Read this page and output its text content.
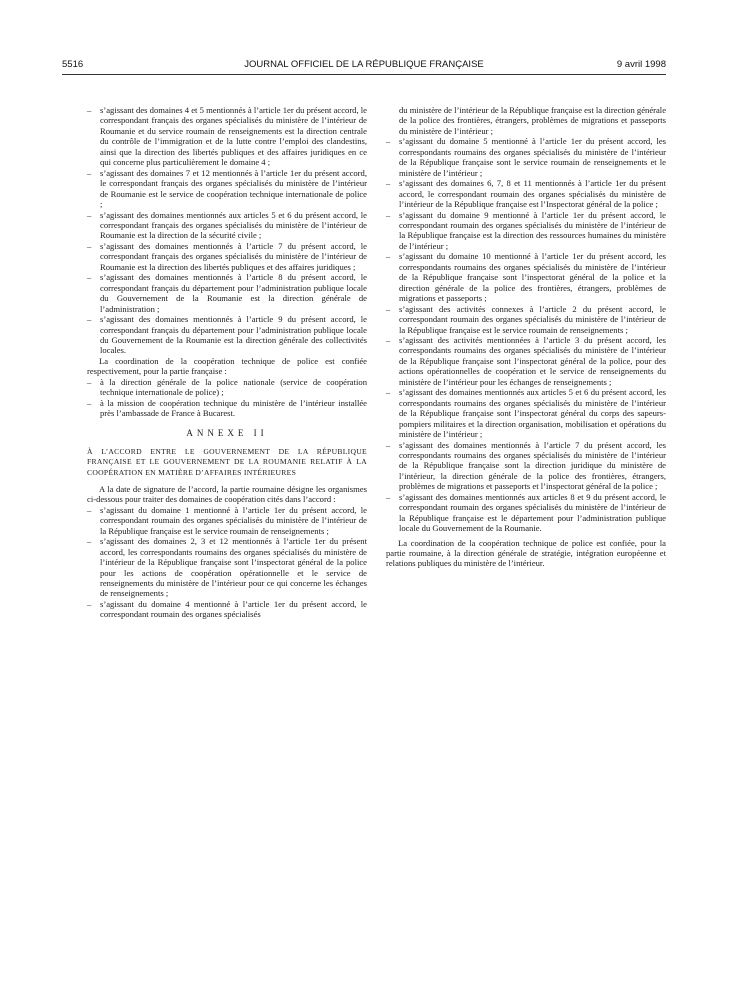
5516	JOURNAL OFFICIEL DE LA RÉPUBLIQUE FRANÇAISE	9 avril 1998
– s’agissant des domaines 4 et 5 mentionnés à l’article 1er du présent accord, le correspondant français des organes spécialisés du ministère de l’intérieur de Roumanie et du service roumain de renseignements est la direction centrale du contrôle de l’immigration et de la lutte contre l’emploi des clandestins, ainsi que la direction des libertés publiques et des affaires juridiques en ce qui concerne plus particulièrement le domaine 4 ;
– s’agissant des domaines 7 et 12 mentionnés à l’article 1er du présent accord, le correspondant français des organes spécialisés du ministère de l’intérieur de Roumanie est le service de coopération technique internationale de police ;
– s’agissant des domaines mentionnés aux articles 5 et 6 du présent accord, le correspondant français des organes spécialisés du ministère de l’intérieur de Roumanie est la direction de la sécurité civile ;
– s’agissant des domaines mentionnés à l’article 7 du présent accord, le correspondant français des organes spécialisés du ministère de l’intérieur de Roumanie est la direction des libertés publiques et des affaires juridiques ;
– s’agissant des domaines mentionnés à l’article 8 du présent accord, le correspondant français du département pour l’administration publique locale du Gouvernement de la Roumanie est la direction générale de l’administration ;
– s’agissant des domaines mentionnés à l’article 9 du présent accord, le correspondant français du département pour l’administration publique locale du Gouvernement de la Roumanie est la direction générale des collectivités locales.

La coordination de la coopération technique de police est confiée respectivement, pour la partie française :

– à la direction générale de la police nationale (service de coopération technique internationale de police) ;
– à la mission de coopération technique du ministère de l’intérieur installée près l’ambassade de France à Bucarest.
ANNEXE II
À L’ACCORD ENTRE LE GOUVERNEMENT DE LA RÉPUBLIQUE FRANÇAISE ET LE GOUVERNEMENT DE LA ROUMANIE RELATIF À LA COOPÉRATION EN MATIÈRE D’AFFAIRES INTÉRIEURES

A la date de signature de l’accord, la partie roumaine désigne les organismes ci-dessous pour traiter des domaines de coopération cités dans l’accord :

– s’agissant du domaine 1 mentionné à l’article 1er du présent accord, le correspondant roumain des organes spécialisés du ministère de l’intérieur de la République française est le service roumain de renseignements ;
– s’agissant des domaines 2, 3 et 12 mentionnés à l’article 1er du présent accord, les correspondants roumains des organes spécialisés du ministère de l’intérieur de la République française sont l’inspectorat général de la police pour les actions de coopération opérationnelle et le service de renseignements du ministère de l’intérieur pour ce qui concerne les échanges de renseignements ;
– s’agissant du domaine 4 mentionné à l’article 1er du présent accord, le correspondant roumain des organes spécialisés

du ministère de l’intérieur de la République française est la direction générale de la police des frontières, étrangers, problèmes de migrations et passeports du ministère de l’intérieur ;

– s’agissant du domaine 5 mentionné à l’article 1er du présent accord, les correspondants roumains des organes spécialisés du ministère de l’intérieur de la République française sont le service roumain de renseignements et le ministère de l’intérieur ;
– s’agissant des domaines 6, 7, 8 et 11 mentionnés à l’article 1er du présent accord, le correspondant roumain des organes spécialisés du ministère de l’intérieur de la République française est l’Inspectorat général de la police ;
– s’agissant du domaine 9 mentionné à l’article 1er du présent accord, le correspondant roumain des organes spécialisés du ministère de l’intérieur de la République française est la direction des ressources humaines du ministère de l’intérieur ;
– s’agissant du domaine 10 mentionné à l’article 1er du présent accord, les correspondants roumains des organes spécialisés du ministère de l’intérieur de la République française sont l’inspectorat général de la police et la direction générale de la police des frontières, étrangers, problèmes de migrations et passeports ;
– s’agissant des activités connexes à l’article 2 du présent accord, le correspondant roumain des organes spécialisés du ministère de l’intérieur de la République française est le service roumain de renseignements ;
– s’agissant des activités mentionnées à l’article 3 du présent accord, les correspondants roumains des organes spécialisés du ministère de l’intérieur de la République française sont l’inspectorat général de la police, pour des actions opérationnelles de coopération et le service de renseignements du ministère de l’intérieur pour les échanges de renseignements ;
– s’agissant des domaines mentionnés aux articles 5 et 6 du présent accord, les correspondants roumains des organes spécialisés du ministère de l’intérieur de la République française sont l’inspectorat général du corps des sapeurs-pompiers militaires et la direction organisation, mobilisation et opérations du ministère de l’intérieur ;
– s’agissant des domaines mentionnés à l’article 7 du présent accord, les correspondants roumains des organes spécialisés du ministère de l’intérieur de la République française sont la direction juridique du ministère de l’intérieur, la direction générale de la police des frontières, étrangers, problèmes de migrations et passeports et l’inspectorat général de la police ;
– s’agissant des domaines mentionnés aux articles 8 et 9 du présent accord, le correspondant roumain des organes spécialisés du ministère de l’intérieur de la République française est le département pour l’administration publique locale du Gouvernement de la Roumanie.

La coordination de la coopération technique de police est confiée, pour la partie roumaine, à la direction générale de stratégie, intégration européenne et relations publiques du ministère de l’intérieur.
